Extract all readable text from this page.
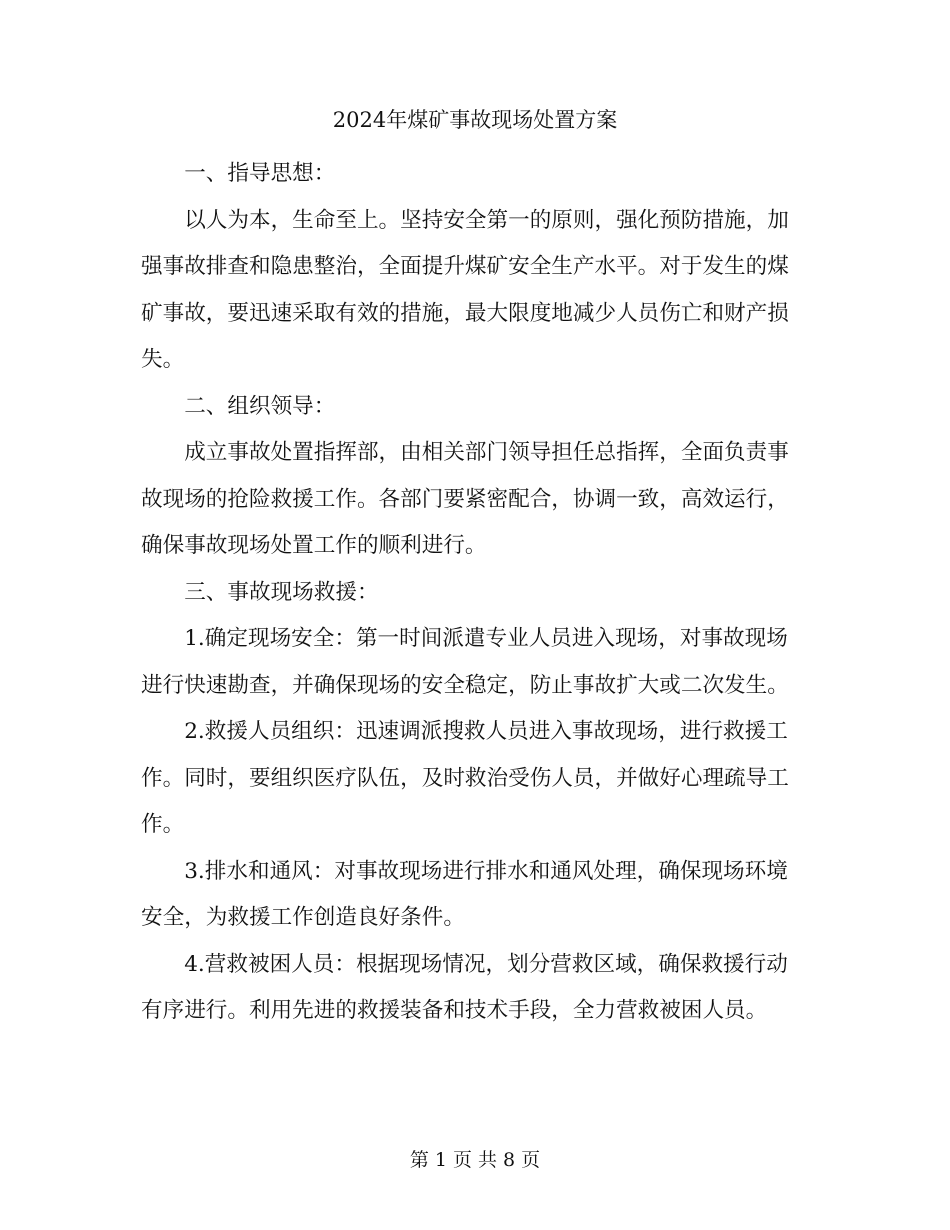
2024年煤矿事故现场处置方案

一、指导思想：

以人为本，生命至上。坚持安全第一的原则，强化预防措施，加强事故排查和隐患整治，全面提升煤矿安全生产水平。对于发生的煤矿事故，要迅速采取有效的措施，最大限度地减少人员伤亡和财产损失。

二、组织领导：

成立事故处置指挥部，由相关部门领导担任总指挥，全面负责事故现场的抢险救援工作。各部门要紧密配合，协调一致，高效运行，确保事故现场处置工作的顺利进行。

三、事故现场救援：

1.确定现场安全：第一时间派遣专业人员进入现场，对事故现场进行快速勘查，并确保现场的安全稳定，防止事故扩大或二次发生。

2.救援人员组织：迅速调派搜救人员进入事故现场，进行救援工作。同时，要组织医疗队伍，及时救治受伤人员，并做好心理疏导工作。

3.排水和通风：对事故现场进行排水和通风处理，确保现场环境安全，为救援工作创造良好条件。

4.营救被困人员：根据现场情况，划分营救区域，确保救援行动有序进行。利用先进的救援装备和技术手段，全力营救被困人员。

第 1 页 共 8 页
